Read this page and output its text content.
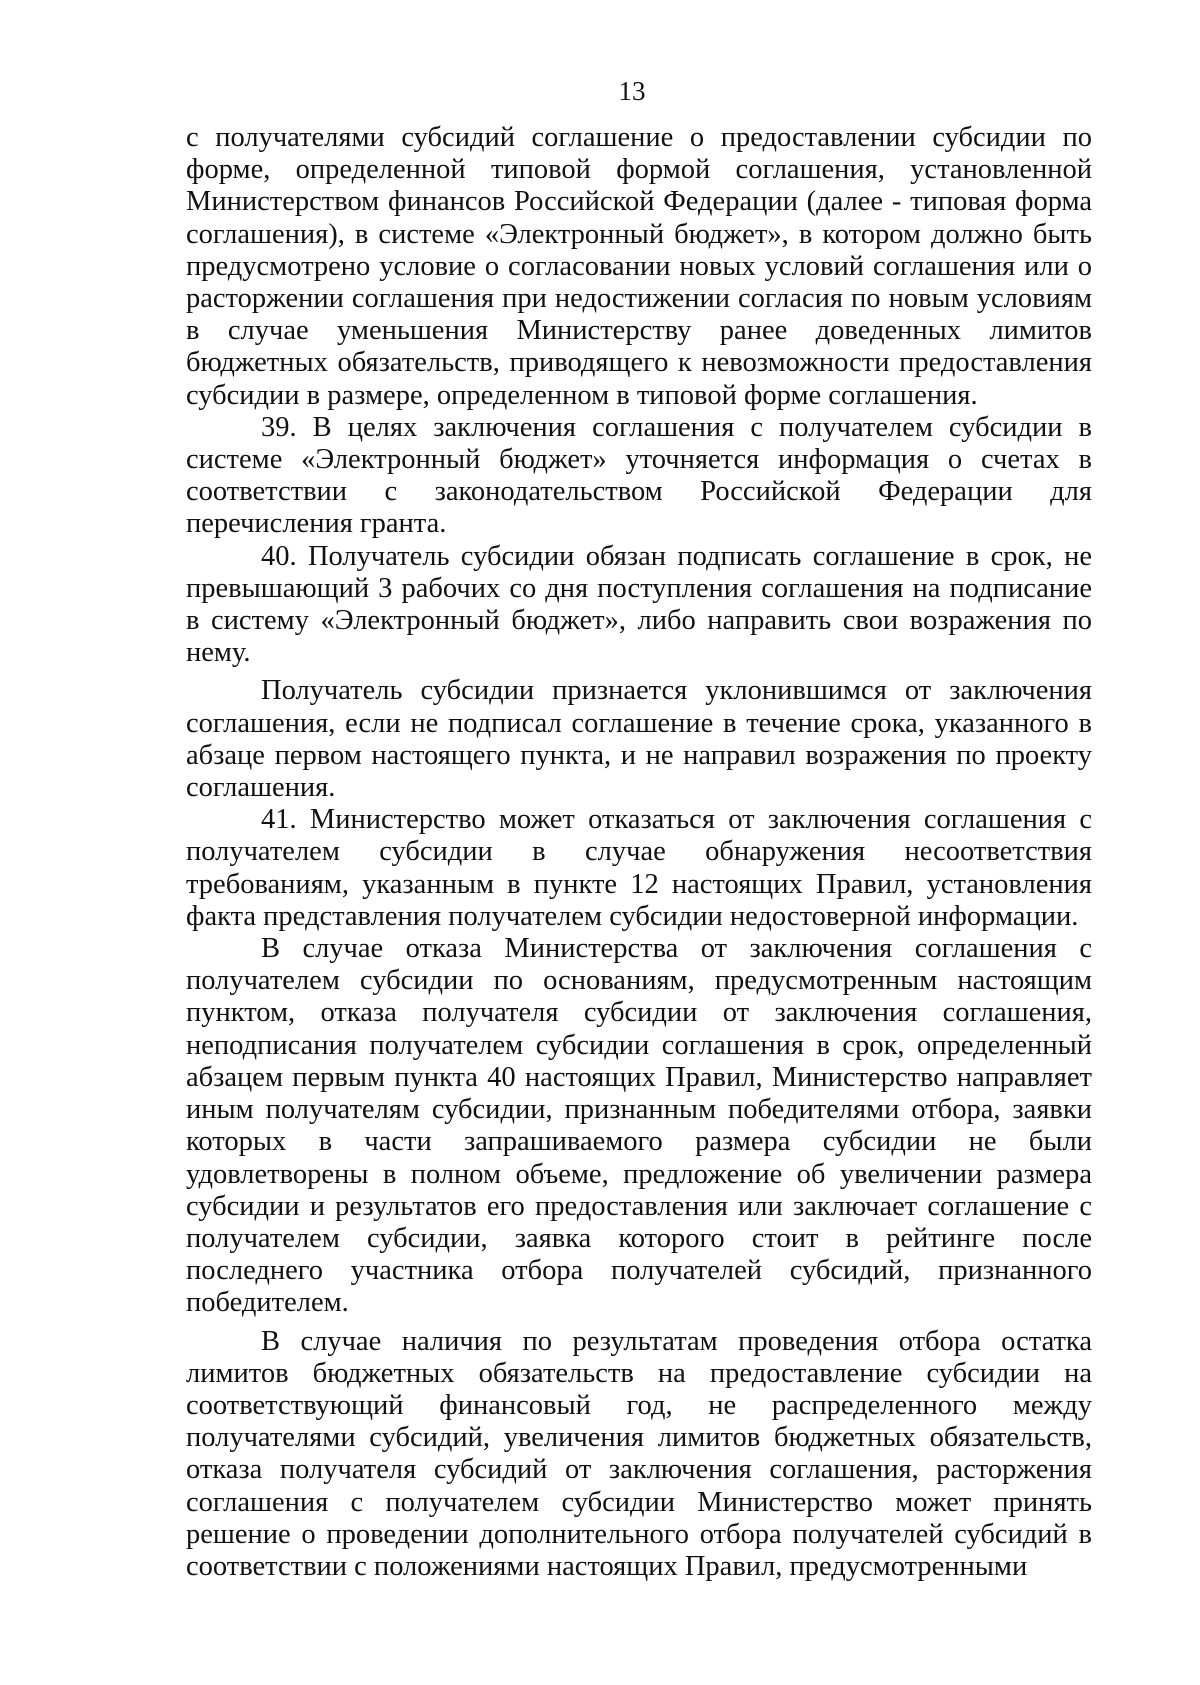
13

с получателями субсидий соглашение о предоставлении субсидии по форме, определенной типовой формой соглашения, установленной Министерством финансов Российской Федерации (далее - типовая форма соглашения), в системе «Электронный бюджет», в котором должно быть предусмотрено условие о согласовании новых условий соглашения или о расторжении соглашения при недостижении согласия по новым условиям в случае уменьшения Министерству ранее доведенных лимитов бюджетных обязательств, приводящего к невозможности предоставления субсидии в размере, определенном в типовой форме соглашения.

39. В целях заключения соглашения с получателем субсидии в системе «Электронный бюджет» уточняется информация о счетах в соответствии с законодательством Российской Федерации для перечисления гранта.

40. Получатель субсидии обязан подписать соглашение в срок, не превышающий 3 рабочих со дня поступления соглашения на подписание в систему «Электронный бюджет», либо направить свои возражения по нему.

Получатель субсидии признается уклонившимся от заключения соглашения, если не подписал соглашение в течение срока, указанного в абзаце первом настоящего пункта, и не направил возражения по проекту соглашения.

41. Министерство может отказаться от заключения соглашения с получателем субсидии в случае обнаружения несоответствия требованиям, указанным в пункте 12 настоящих Правил, установления факта представления получателем субсидии недостоверной информации.

В случае отказа Министерства от заключения соглашения с получателем субсидии по основаниям, предусмотренным настоящим пунктом, отказа получателя субсидии от заключения соглашения, неподписания получателем субсидии соглашения в срок, определенный абзацем первым пункта 40 настоящих Правил, Министерство направляет иным получателям субсидии, признанным победителями отбора, заявки которых в части запрашиваемого размера субсидии не были удовлетворены в полном объеме, предложение об увеличении размера субсидии и результатов его предоставления или заключает соглашение с получателем субсидии, заявка которого стоит в рейтинге после последнего участника отбора получателей субсидий, признанного победителем.

В случае наличия по результатам проведения отбора остатка лимитов бюджетных обязательств на предоставление субсидии на соответствующий финансовый год, не распределенного между получателями субсидий, увеличения лимитов бюджетных обязательств, отказа получателя субсидий от заключения соглашения, расторжения соглашения с получателем субсидии Министерство может принять решение о проведении дополнительного отбора получателей субсидий в соответствии с положениями настоящих Правил, предусмотренными
